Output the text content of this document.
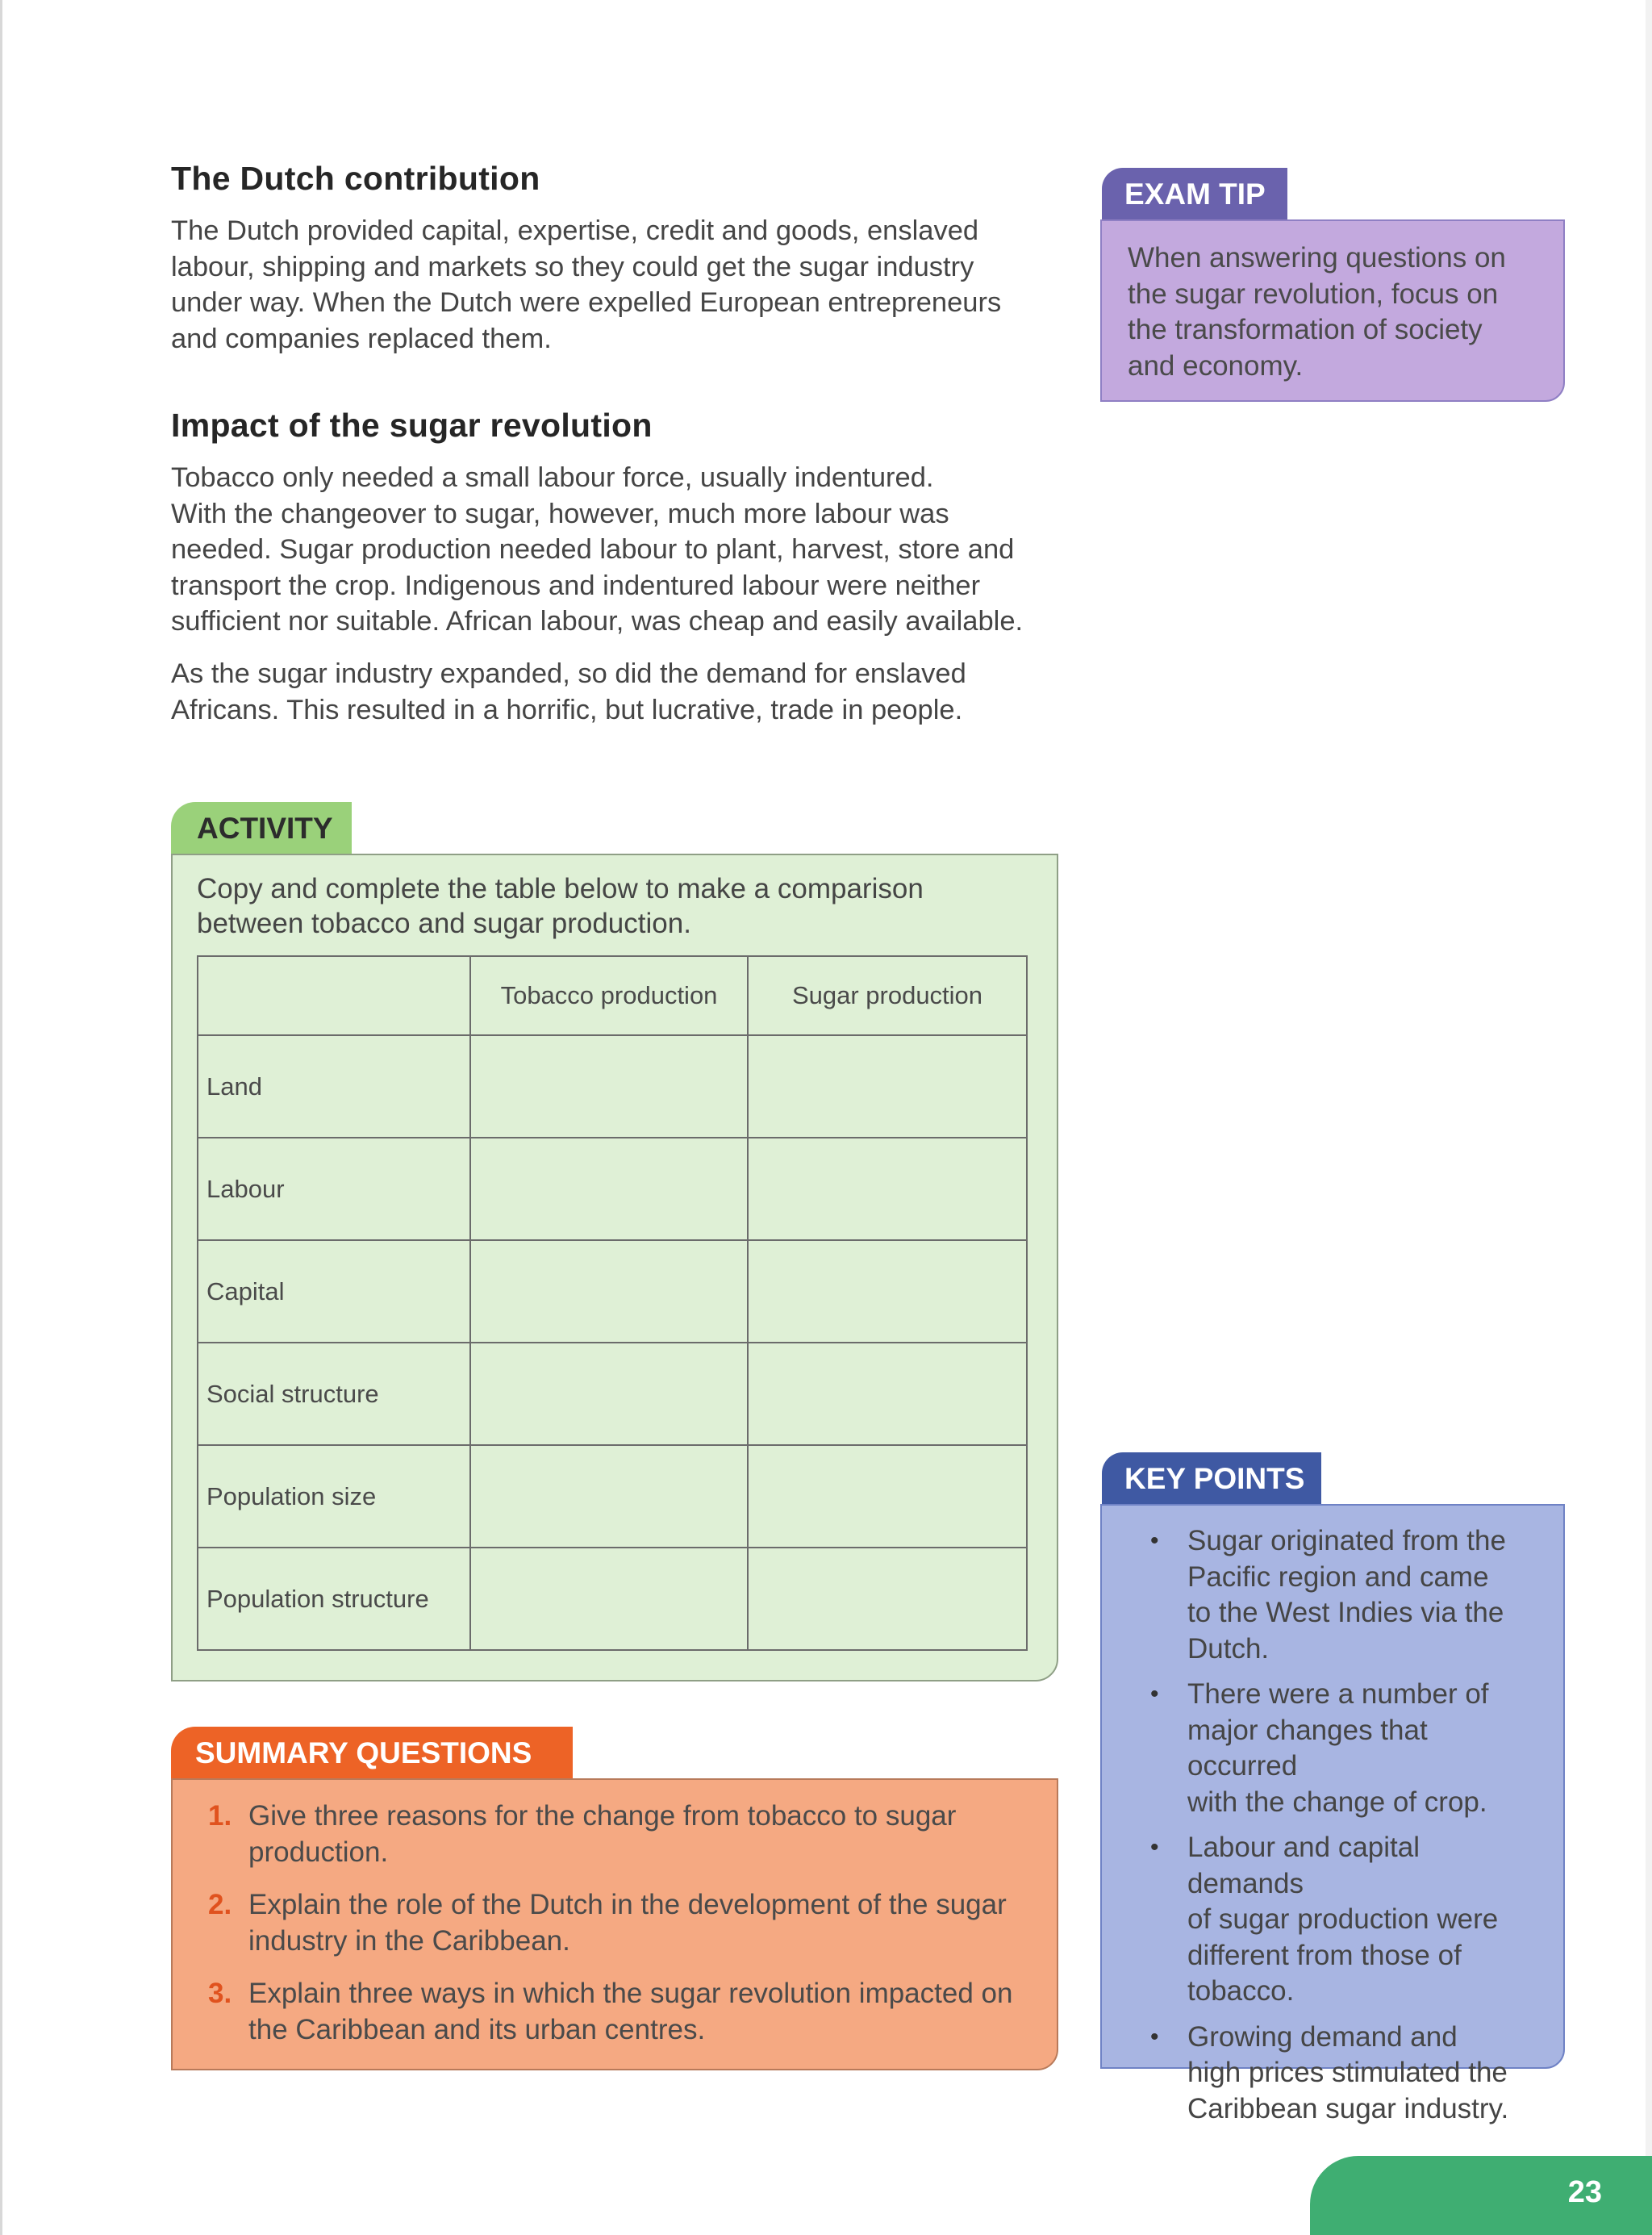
The Dutch contribution

The Dutch provided capital, expertise, credit and goods, enslaved
labour, shipping and markets so they could get the sugar industry
under way. When the Dutch were expelled European entrepreneurs
and companies replaced them.

Impact of the sugar revolution

Tobacco only needed a small labour force, usually indentured.
With the changeover to sugar, however, much more labour was
needed. Sugar production needed labour to plant, harvest, store and
transport the crop. Indigenous and indentured labour were neither
sufficient nor suitable. African labour, was cheap and easily available.

As the sugar industry expanded, so did the demand for enslaved
Africans. This resulted in a horrific, but lucrative, trade in people.

EXAM TIP

When answering questions on
the sugar revolution, focus on
the transformation of society
and economy.

ACTIVITY

Copy and complete the table below to make a comparison
between tobacco and sugar production.

	Tobacco production	Sugar production
Land		
Labour		
Capital		
Social structure		
Population size		
Population structure		
SUMMARY QUESTIONS
1. Give three reasons for the change from tobacco to sugar
production.
2. Explain the role of the Dutch in the development of the sugar
industry in the Caribbean.
3. Explain three ways in which the sugar revolution impacted on
the Caribbean and its urban centres.
KEY POINTS
• Sugar originated from the
Pacific region and came
to the West Indies via the
Dutch.
• There were a number of
major changes that occurred
with the change of crop.
• Labour and capital demands
of sugar production were
different from those of
tobacco.
• Growing demand and
high prices stimulated the
Caribbean sugar industry.
23
